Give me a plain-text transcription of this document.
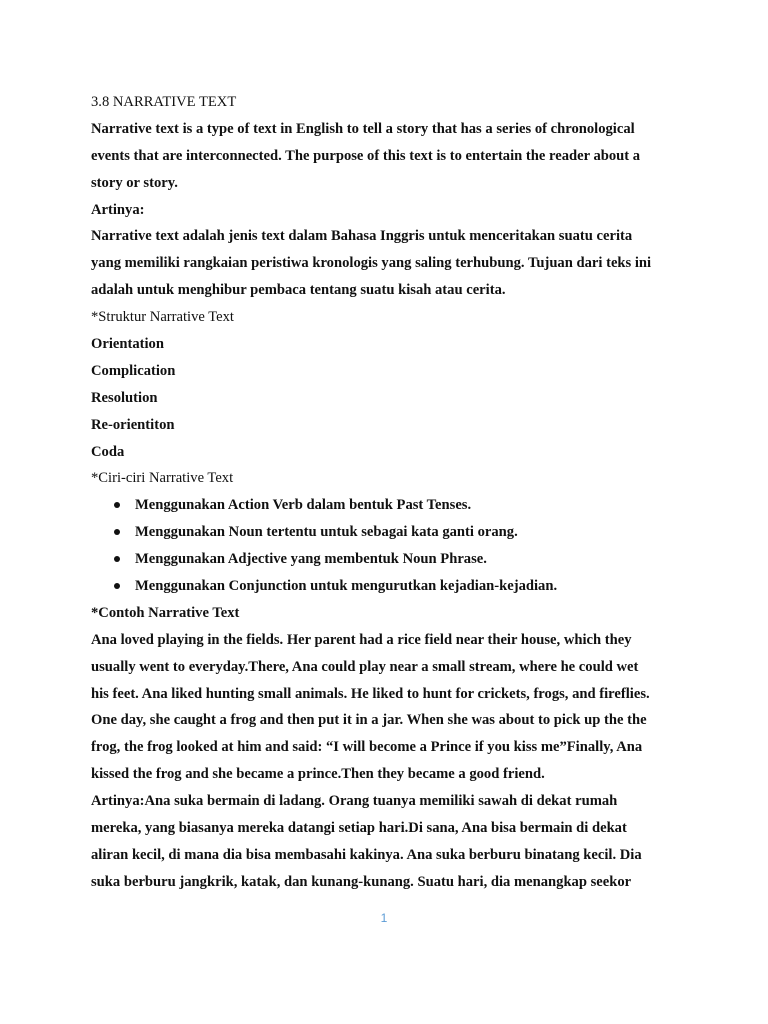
3.8 NARRATIVE TEXT
Narrative text is a type of text in English to tell a story that has a series of chronological
events that are interconnected. The purpose of this text is to entertain the reader about a
story or story.
Artinya:
Narrative text adalah jenis text dalam Bahasa Inggris untuk menceritakan suatu cerita
yang memiliki rangkaian peristiwa kronologis yang saling terhubung. Tujuan dari teks ini
adalah untuk menghibur pembaca tentang suatu kisah atau cerita.
*Struktur Narrative Text
Orientation
Complication
Resolution
Re-orientiton
Coda
*Ciri-ciri Narrative Text
Menggunakan Action Verb dalam bentuk Past Tenses.
Menggunakan Noun tertentu untuk sebagai kata ganti orang.
Menggunakan Adjective yang membentuk Noun Phrase.
Menggunakan Conjunction untuk mengurutkan kejadian-kejadian.
*Contoh Narrative Text
Ana loved playing in the fields. Her parent had a rice field near their house, which they
usually went to everyday.There, Ana could play near a small stream, where he could wet
his feet. Ana liked hunting small animals. He liked to hunt for crickets, frogs, and fireflies.
One day, she caught a frog and then put it in a jar. When she was about to pick up the the
frog, the frog looked at him and said: “I will become a Prince if you kiss me”Finally, Ana
kissed the frog and she became a prince.Then they became a good friend.
Artinya:Ana suka bermain di ladang. Orang tuanya memiliki sawah di dekat rumah
mereka, yang biasanya mereka datangi setiap hari.Di sana, Ana bisa bermain di dekat
aliran kecil, di mana dia bisa membasahi kakinya. Ana suka berburu binatang kecil. Dia
suka berburu jangkrik, katak, dan kunang-kunang. Suatu hari, dia menangkap seekor
1
